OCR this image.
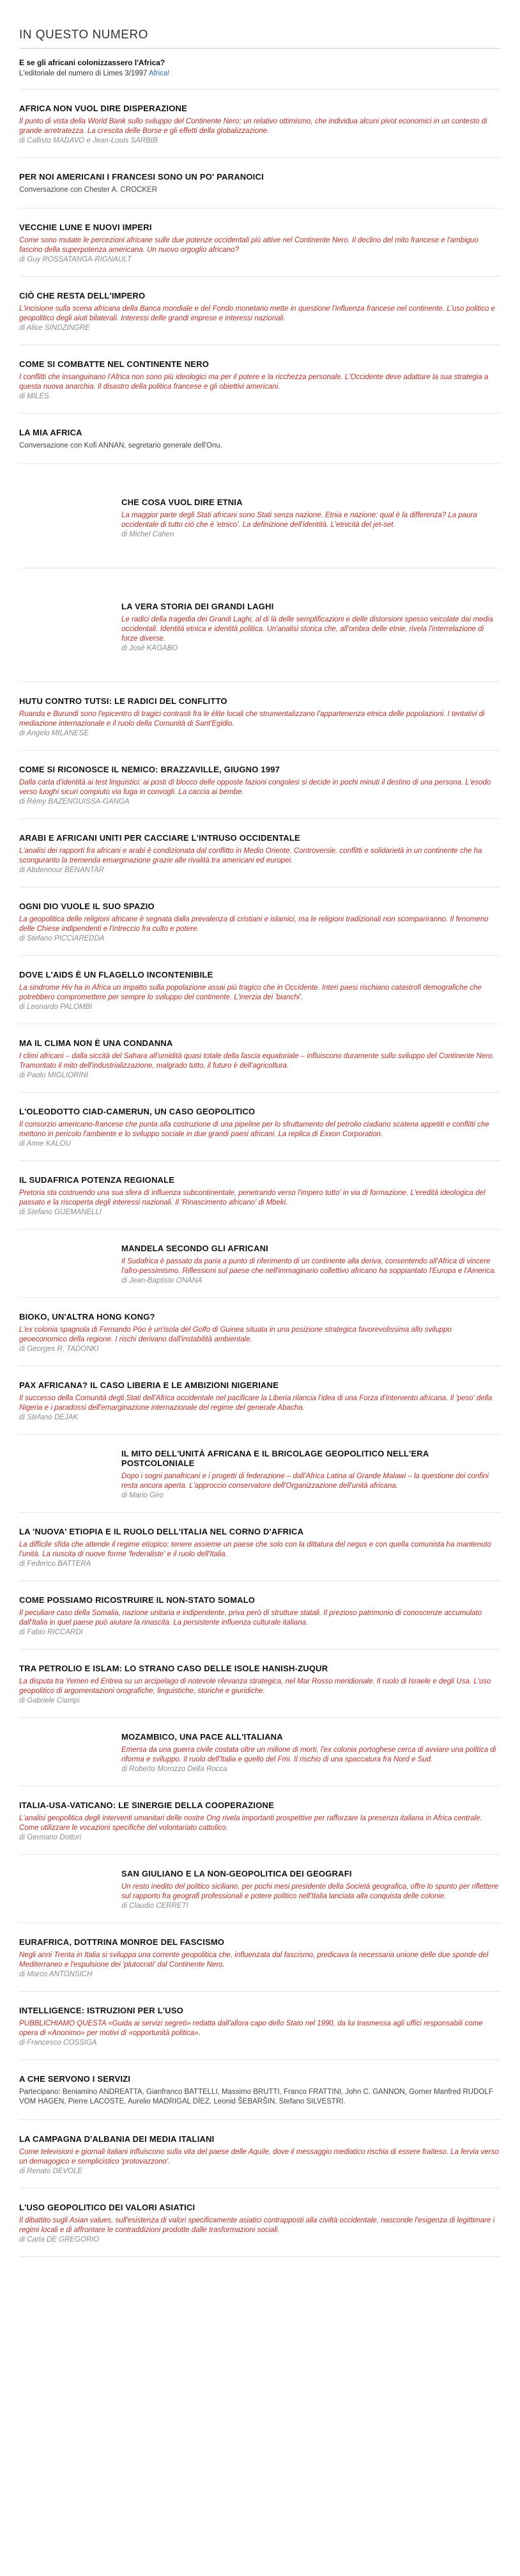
IN QUESTO NUMERO

E se gli africani colonizzassero l'Africa?

L'editoriale del numero di Limes 3/1997 Africa!

AFRICA NON VUOL DIRE DISPERAZIONE

Il punto di vista della World Bank sullo sviluppo del Continente Nero: un relativo ottimismo, che individua alcuni pivot economici in un contesto di grande arretratezza. La crescita delle Borse e gli effetti della globalizzazione.

di Callisto MADAVO e Jean-Louis SARBIB

PER NOI AMERICANI I FRANCESI SONO UN PO' PARANOICI

Conversazione con Chester A. CROCKER

VECCHIE LUNE E NUOVI IMPERI

Come sono mutate le percezioni africane sulle due potenze occidentali più attive nel Continente Nero. Il declino del mito francese e l'ambiguo fascino della superpotenza americana. Un nuovo orgoglio africano?

di Guy ROSSATANGA-RIGNAULT

CIÒ CHE RESTA DELL'IMPERO

L'incisione sulla scena africana della Banca mondiale e del Fondo monetario mette in questione l'influenza francese nel continente. L'uso politico e geopolitico degli aiuti bilaterali. Interessi delle grandi imprese e interessi nazionali.

di Alice SINDZINGRE

COME SI COMBATTE NEL CONTINENTE NERO

I conflitti che insanguinano l'Africa non sono più ideologici ma per il potere e la ricchezza personale. L'Occidente deve adattare la sua strategia a questa nuova anarchia. Il disastro della politica francese e gli obiettivi americani.

di MILES

LA MIA AFRICA

Conversazione con Kofi ANNAN, segretario generale dell'Onu.

CHE COSA VUOL DIRE ETNIA

La maggior parte degli Stati africani sono Stati senza nazione. Etnia e nazione: qual è la differenza? La paura occidentale di tutto ciò che è 'etnico'. La definizione dell'identità. L'etnicità del jet-set.

di Michel Cahen

LA VERA STORIA DEI GRANDI LAGHI

Le radici della tragedia dei Grandi Laghi, al di là delle semplificazioni e delle distorsioni spesso veicolate dai media occidentali. Identità etnica e identità politica. Un'analisi storica che, all'ombra delle etnie, rivela l'interrelazione di forze diverse.

di José KAGABO

HUTU CONTRO TUTSI: LE RADICI DEL CONFLITTO

Ruanda e Burundi sono l'epicentro di tragici contrasti fra le élite locali che strumentalizzano l'appartenenza etnica delle popolazioni. I tentativi di mediazione internazionale e il ruolo della Comunità di Sant'Egidio.

di Angelo MILANESE

COME SI RICONOSCE IL NEMICO: BRAZZAVILLE, GIUGNO 1997

Dalla carta d'identità ai test linguistici: ai posti di blocco delle opposte fazioni congolesi si decide in pochi minuti il destino di una persona. L'esodo verso luoghi sicuri compiuto via fuga in convogli. La caccia ai bembe.

di Rémy BAZENGUISSA-GANGA

ARABI E AFRICANI UNITI PER CACCIARE L'INTRUSO OCCIDENTALE

L'analisi dei rapporti fra africani e arabi è condizionata dal conflitto in Medio Oriente. Controversie, conflitti e solidarietà in un continente che ha sconguranto la tremenda emarginazione grazie alle rivalità tra americani ed europei.

di Abdennour BENANTAR

OGNI DIO VUOLE IL SUO SPAZIO

La geopolitica delle religioni africane è segnata dalla prevalenza di cristiani e islamici, ma le religioni tradizionali non scompariranno. Il fenomeno delle Chiese indipendenti e l'intreccio fra culto e potere.

di Stefano PICCIAREDDA

DOVE L'AIDS È UN FLAGELLO INCONTENIBILE

La sindrome Hiv ha in Africa un impatto sulla popolazione assai più tragico che in Occidente. Interi paesi rischiano catastrofi demografiche che potrebbero compromettere per sempre lo sviluppo del continente. L'inerzia dei 'bianchi'.

di Leonardo PALOMBI

MA IL CLIMA NON È UNA CONDANNA

I climi africani – dalla siccità del Sahara all'umidità quasi totale della fascia equatoriale – influiscono duramente sullo sviluppo del Continente Nero. Tramontato il mito dell'industrializzazione, malgrado tutto, il futuro è dell'agricoltura.

di Paolo MIGLIORINI

L'OLEODOTTO CIAD-CAMERUN, UN CASO GEOPOLITICO

Il consorzio americano-francese che punta alla costruzione di una pipeline per lo sfruttamento del petrolio ciadiano scatena appetiti e conflitti che mettono in pericolo l'ambiente e lo sviluppo sociale in due grandi paesi africani. La replica di Exxon Corporation.

di Anne KALOU

IL SUDAFRICA POTENZA REGIONALE

Pretoria sta costruendo una sua sfera di influenza subcontinentale, penetrando verso l'impero tutto' in via di formazione. L'eredità ideologica del passato e la riscoperta degli interessi nazionali. Il 'Rinascimento africano' di Mbeki.

di Stefano GUEMANELLI

MANDELA SECONDO GLI AFRICANI

Il Sudafrica è passato da paria a punto di riferimento di un continente alla deriva, consentendo all'Africa di vincere l'afro-pessimismo. Riflessioni sul paese che nell'immaginario collettivo africano ha soppiantato l'Europa e l'America.

di Jean-Baptiste ONANA

BIOKO, UN'ALTRA HONG KONG?

L'ex colonia spagnola di Fernando Póo è un'isola del Golfo di Guinea situata in una posizione strategica favorevolissima allo sviluppo geoeconomico della regione. I rischi derivano dall'instabilità ambientale.

di Georges R. TADONKI

PAX AFRICANA? IL CASO LIBERIA E LE AMBIZIONI NIGERIANE

Il successo della Comunità degli Stati dell'Africa occidentale nel pacificare la Liberia rilancia l'idea di una Forza d'intervento africana. Il 'peso' della Nigeria e i paradossi dell'emarginazione internazionale del regime del generale Abacha.

di Stefano DEJAK

IL MITO DELL'UNITÀ AFRICANA E IL BRICOLAGE GEOPOLITICO NELL'ERA POSTCOLONIALE

Dopo i sogni panafricani e i progetti di federazione – dall'Africa Latina al Grande Malawi – la questione dei confini resta ancora aperta. L'approccio conservatore dell'Organizzazione dell'unità africana.

di Mario Giro

LA 'NUOVA' ETIOPIA E IL RUOLO DELL'ITALIA NEL CORNO D'AFRICA

La difficile sfida che attende il regime etiopico: tenere assieme un paese che solo con la dittatura del negus e con quella comunista ha mantenuto l'unità. La riuscita di nuove forme 'federaliste' e il ruolo dell'Italia.

di Federico BATTERA

COME POSSIAMO RICOSTRUIRE IL NON-STATO SOMALO

Il peculiare caso della Somalia, nazione unitaria e indipendente, priva però di strutture statali. Il prezioso patrimonio di conoscenze accumulato dall'Italia in quel paese può aiutare la rinascita. La persistente influenza culturale italiana.

di Fabio RICCARDI

TRA PETROLIO E ISLAM: LO STRANO CASO DELLE ISOLE HANISH-ZUQUR

La disputa tra Yemen ed Eritrea su un arcipelago di notevole rilevanza strategica, nel Mar Rosso meridionale. Il ruolo di Israele e degli Usa. L'uso geopolitico di argomentazioni orografiche, linguistiche, storiche e giuridiche.

di Gabriele Ciampi

MOZAMBICO, UNA PACE ALL'ITALIANA

Emersa da una guerra civile costata oltre un milione di morti, l'ex colonia portoghese cerca di avviare una politica di riforma e sviluppo. Il ruolo dell'Italia e quello del Fmi. Il rischio di una spaccatura fra Nord e Sud.

di Roberto Morozzo Della Rocca

ITALIA-USA-VATICANO: LE SINERGIE DELLA COOPERAZIONE

L'analisi geopolitica degli interventi umanitari delle nostre Ong rivela importanti prospettive per rafforzare la presenza italiana in Africa centrale. Come utilizzare le vocazioni specifiche del volontariato cattolico.

di Germano Dottori

SAN GIULIANO E LA NON-GEOPOLITICA DEI GEOGRAFI

Un resto inedito del politico siciliano, per pochi mesi presidente della Società geografica, offre lo spunto per riflettere sul rapporto fra geografi professionali e potere politico nell'Italia lanciata alla conquista delle colonie.

di Claudio CERRETI

EURAFRICA, DOTTRINA MONROE DEL FASCISMO

Negli anni Trenta in Italia si sviluppa una corrente geopolitica che, influenzata dal fascismo, predicava la necessaria unione delle due sponde del Mediterraneo e l'espulsione dei 'plutocrati' dal Continente Nero.

di Marco ANTONSICH

INTELLIGENCE: ISTRUZIONI PER L'USO

PUBBLICHIAMO QUESTA «Guida ai servizi segreti» redatta dall'allora capo dello Stato nel 1990, da lui trasmessa agli uffici responsabili come opera di «Anonimo» per motivi di «opportunità politica».

di Francesco COSSIGA

A CHE SERVONO I SERVIZI

Partecipano: Beniamino ANDREATTA, Gianfranco BATTELLI, Massimo BRUTTI, Franco FRATTINI, John C. GANNON, Gorner Manfred RUDOLF VOM HAGEN, Pierre LACOSTE, Aurelio MADRIGAL DÍEZ, Leonid ŠEBARŠIN, Stefano SILVESTRI.

LA CAMPAGNA D'ALBANIA DEI MEDIA ITALIANI

Come televisioni e giornali italiani influiscono sulla vita del paese delle Aquile, dove il messaggio mediatico rischia di essere fraiteso. La fervia verso un demagogico e semplicistico 'protovazzono'.

di Renato DEVOLE

L'USO GEOPOLITICO DEI VALORI ASIATICI

Il dibattito sugli Asian values, sull'esistenza di valori specificamente asiatici contrapposti alla civiltà occidentale, nasconde l'esigenza di legittimare i regimi locali e di affrontare le contraddizioni prodotte dalle trasformazioni sociali.

di Carla DE GREGORIO
